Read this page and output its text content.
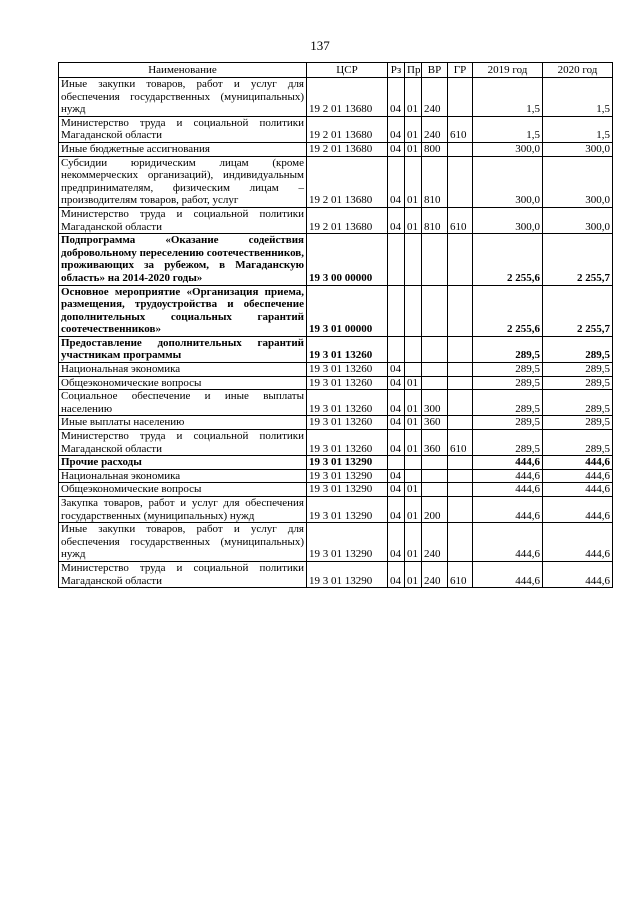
137
Наименование	ЦСР	Рз	Пр	ВР	ГР	2019 год	2020 год
Иные закупки товаров, работ и услуг для обеспечения государственных (муниципальных) нужд	19 2 01 13680	04	01	240		1,5	1,5
Министерство труда и социальной политики Магаданской области	19 2 01 13680	04	01	240	610	1,5	1,5
Иные бюджетные ассигнования	19 2 01 13680	04	01	800		300,0	300,0
Субсидии юридическим лицам (кроме некоммерческих организаций), индивидуальным предпринимателям, физическим лицам – производителям товаров, работ, услуг	19 2 01 13680	04	01	810		300,0	300,0
Министерство труда и социальной политики Магаданской области	19 2 01 13680	04	01	810	610	300,0	300,0
Подпрограмма «Оказание содействия добровольному переселению соотечественников, проживающих за рубежом, в Магаданскую область» на 2014-2020 годы»	19 3 00 00000					2 255,6	2 255,7
Основное мероприятие «Организация приема, размещения, трудоустройства и обеспечение дополнительных социальных гарантий соотечественников»	19 3 01 00000					2 255,6	2 255,7
Предоставление дополнительных гарантий участникам программы	19 3 01 13260					289,5	289,5
Национальная экономика	19 3 01 13260	04				289,5	289,5
Общеэкономические вопросы	19 3 01 13260	04	01			289,5	289,5
Социальное обеспечение и иные выплаты населению	19 3 01 13260	04	01	300		289,5	289,5
Иные выплаты населению	19 3 01 13260	04	01	360		289,5	289,5
Министерство труда и социальной политики Магаданской области	19 3 01 13260	04	01	360	610	289,5	289,5
Прочие расходы	19 3 01 13290					444,6	444,6
Национальная экономика	19 3 01 13290	04				444,6	444,6
Общеэкономические вопросы	19 3 01 13290	04	01			444,6	444,6
Закупка товаров, работ и услуг для обеспечения государственных (муниципальных) нужд	19 3 01 13290	04	01	200		444,6	444,6
Иные закупки товаров, работ и услуг для обеспечения государственных (муниципальных) нужд	19 3 01 13290	04	01	240		444,6	444,6
Министерство труда и социальной политики Магаданской области	19 3 01 13290	04	01	240	610	444,6	444,6
